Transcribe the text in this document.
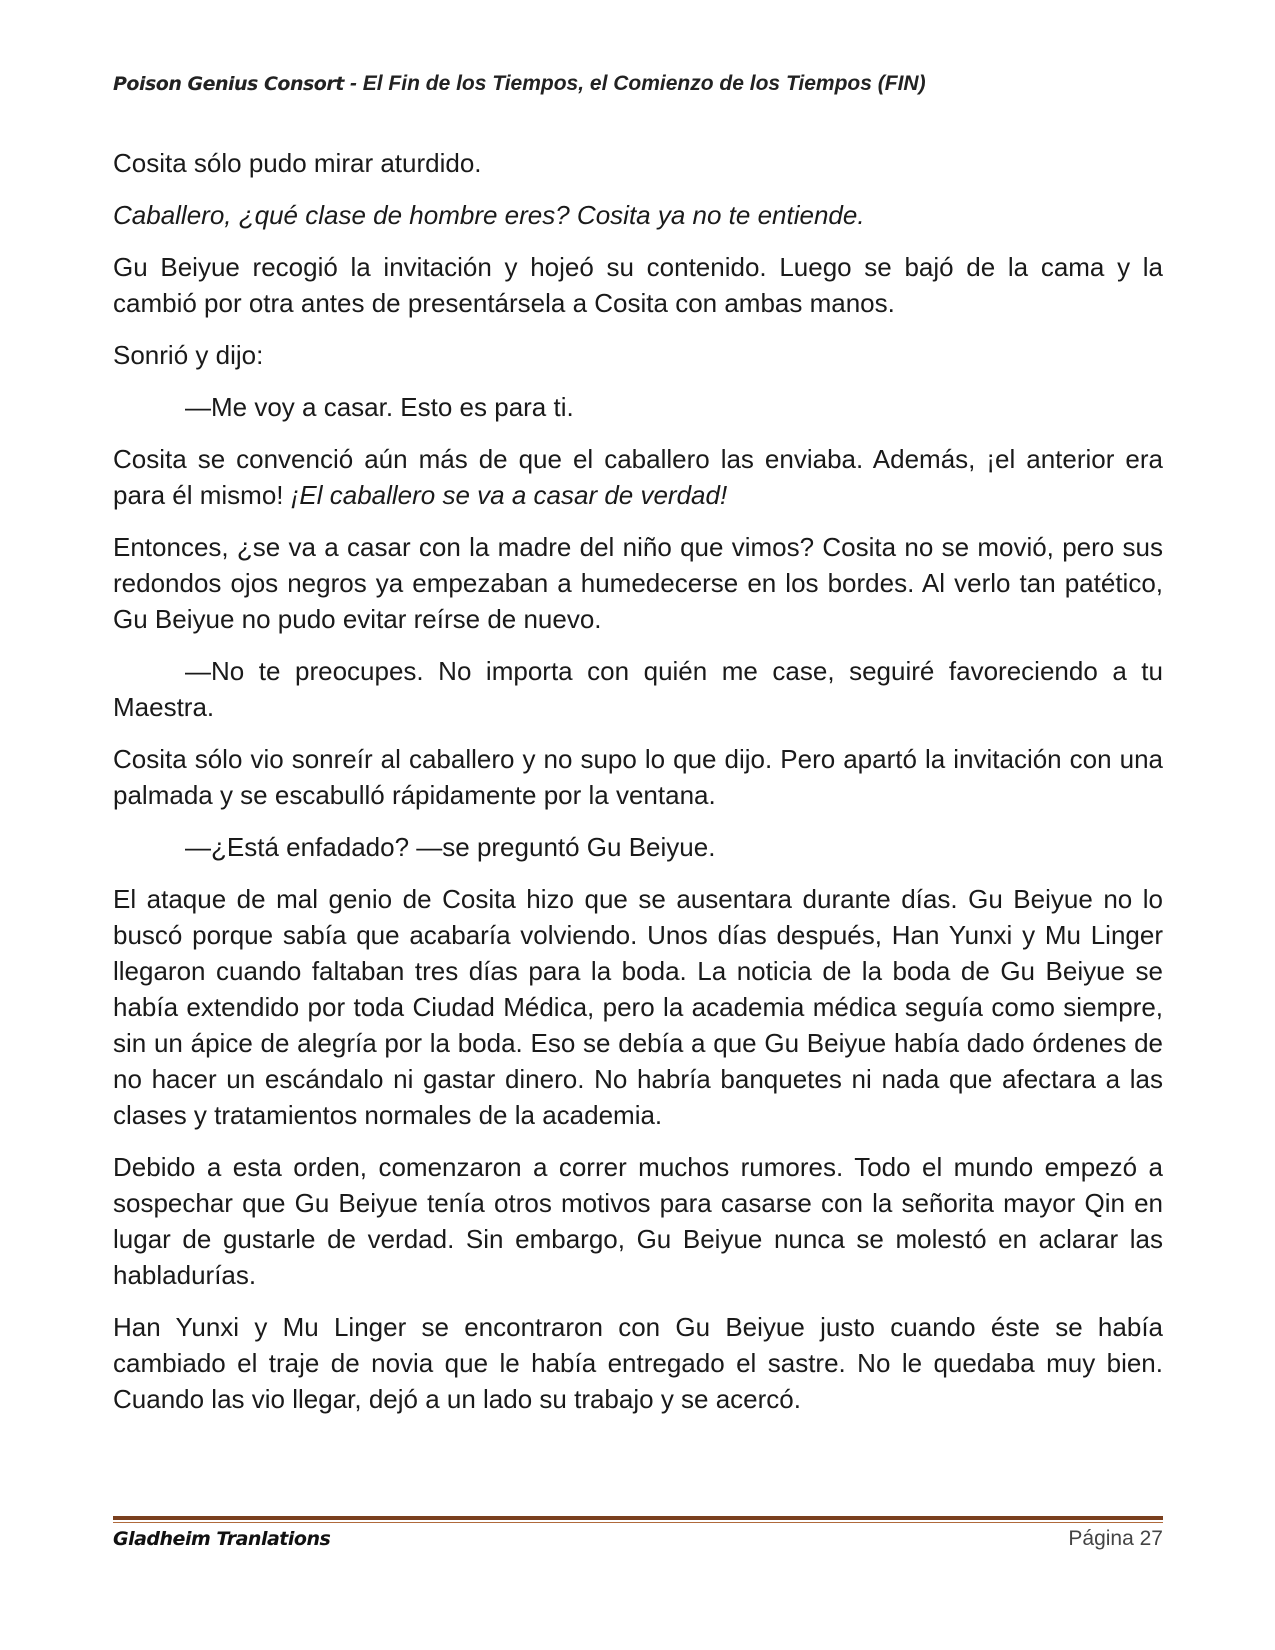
Poison Genius Consort - El Fin de los Tiempos, el Comienzo de los Tiempos (FIN)

Cosita sólo pudo mirar aturdido.

Caballero, ¿qué clase de hombre eres? Cosita ya no te entiende.

Gu Beiyue recogió la invitación y hojeó su contenido. Luego se bajó de la cama y la cambió por otra antes de presentársela a Cosita con ambas manos.

Sonrió y dijo:

—Me voy a casar. Esto es para ti.

Cosita se convenció aún más de que el caballero las enviaba. Además, ¡el anterior era para él mismo! ¡El caballero se va a casar de verdad!

Entonces, ¿se va a casar con la madre del niño que vimos? Cosita no se movió, pero sus redondos ojos negros ya empezaban a humedecerse en los bordes. Al verlo tan patético, Gu Beiyue no pudo evitar reírse de nuevo.

—No te preocupes. No importa con quién me case, seguiré favoreciendo a tu Maestra.

Cosita sólo vio sonreír al caballero y no supo lo que dijo. Pero apartó la invitación con una palmada y se escabulló rápidamente por la ventana.

—¿Está enfadado? —se preguntó Gu Beiyue.

El ataque de mal genio de Cosita hizo que se ausentara durante días. Gu Beiyue no lo buscó porque sabía que acabaría volviendo. Unos días después, Han Yunxi y Mu Linger llegaron cuando faltaban tres días para la boda. La noticia de la boda de Gu Beiyue se había extendido por toda Ciudad Médica, pero la academia médica seguía como siempre, sin un ápice de alegría por la boda. Eso se debía a que Gu Beiyue había dado órdenes de no hacer un escándalo ni gastar dinero. No habría banquetes ni nada que afectara a las clases y tratamientos normales de la academia.

Debido a esta orden, comenzaron a correr muchos rumores. Todo el mundo empezó a sospechar que Gu Beiyue tenía otros motivos para casarse con la señorita mayor Qin en lugar de gustarle de verdad. Sin embargo, Gu Beiyue nunca se molestó en aclarar las habladurías.

Han Yunxi y Mu Linger se encontraron con Gu Beiyue justo cuando éste se había cambiado el traje de novia que le había entregado el sastre. No le quedaba muy bien. Cuando las vio llegar, dejó a un lado su trabajo y se acercó.

Gladheim Tranlations	Página 27
